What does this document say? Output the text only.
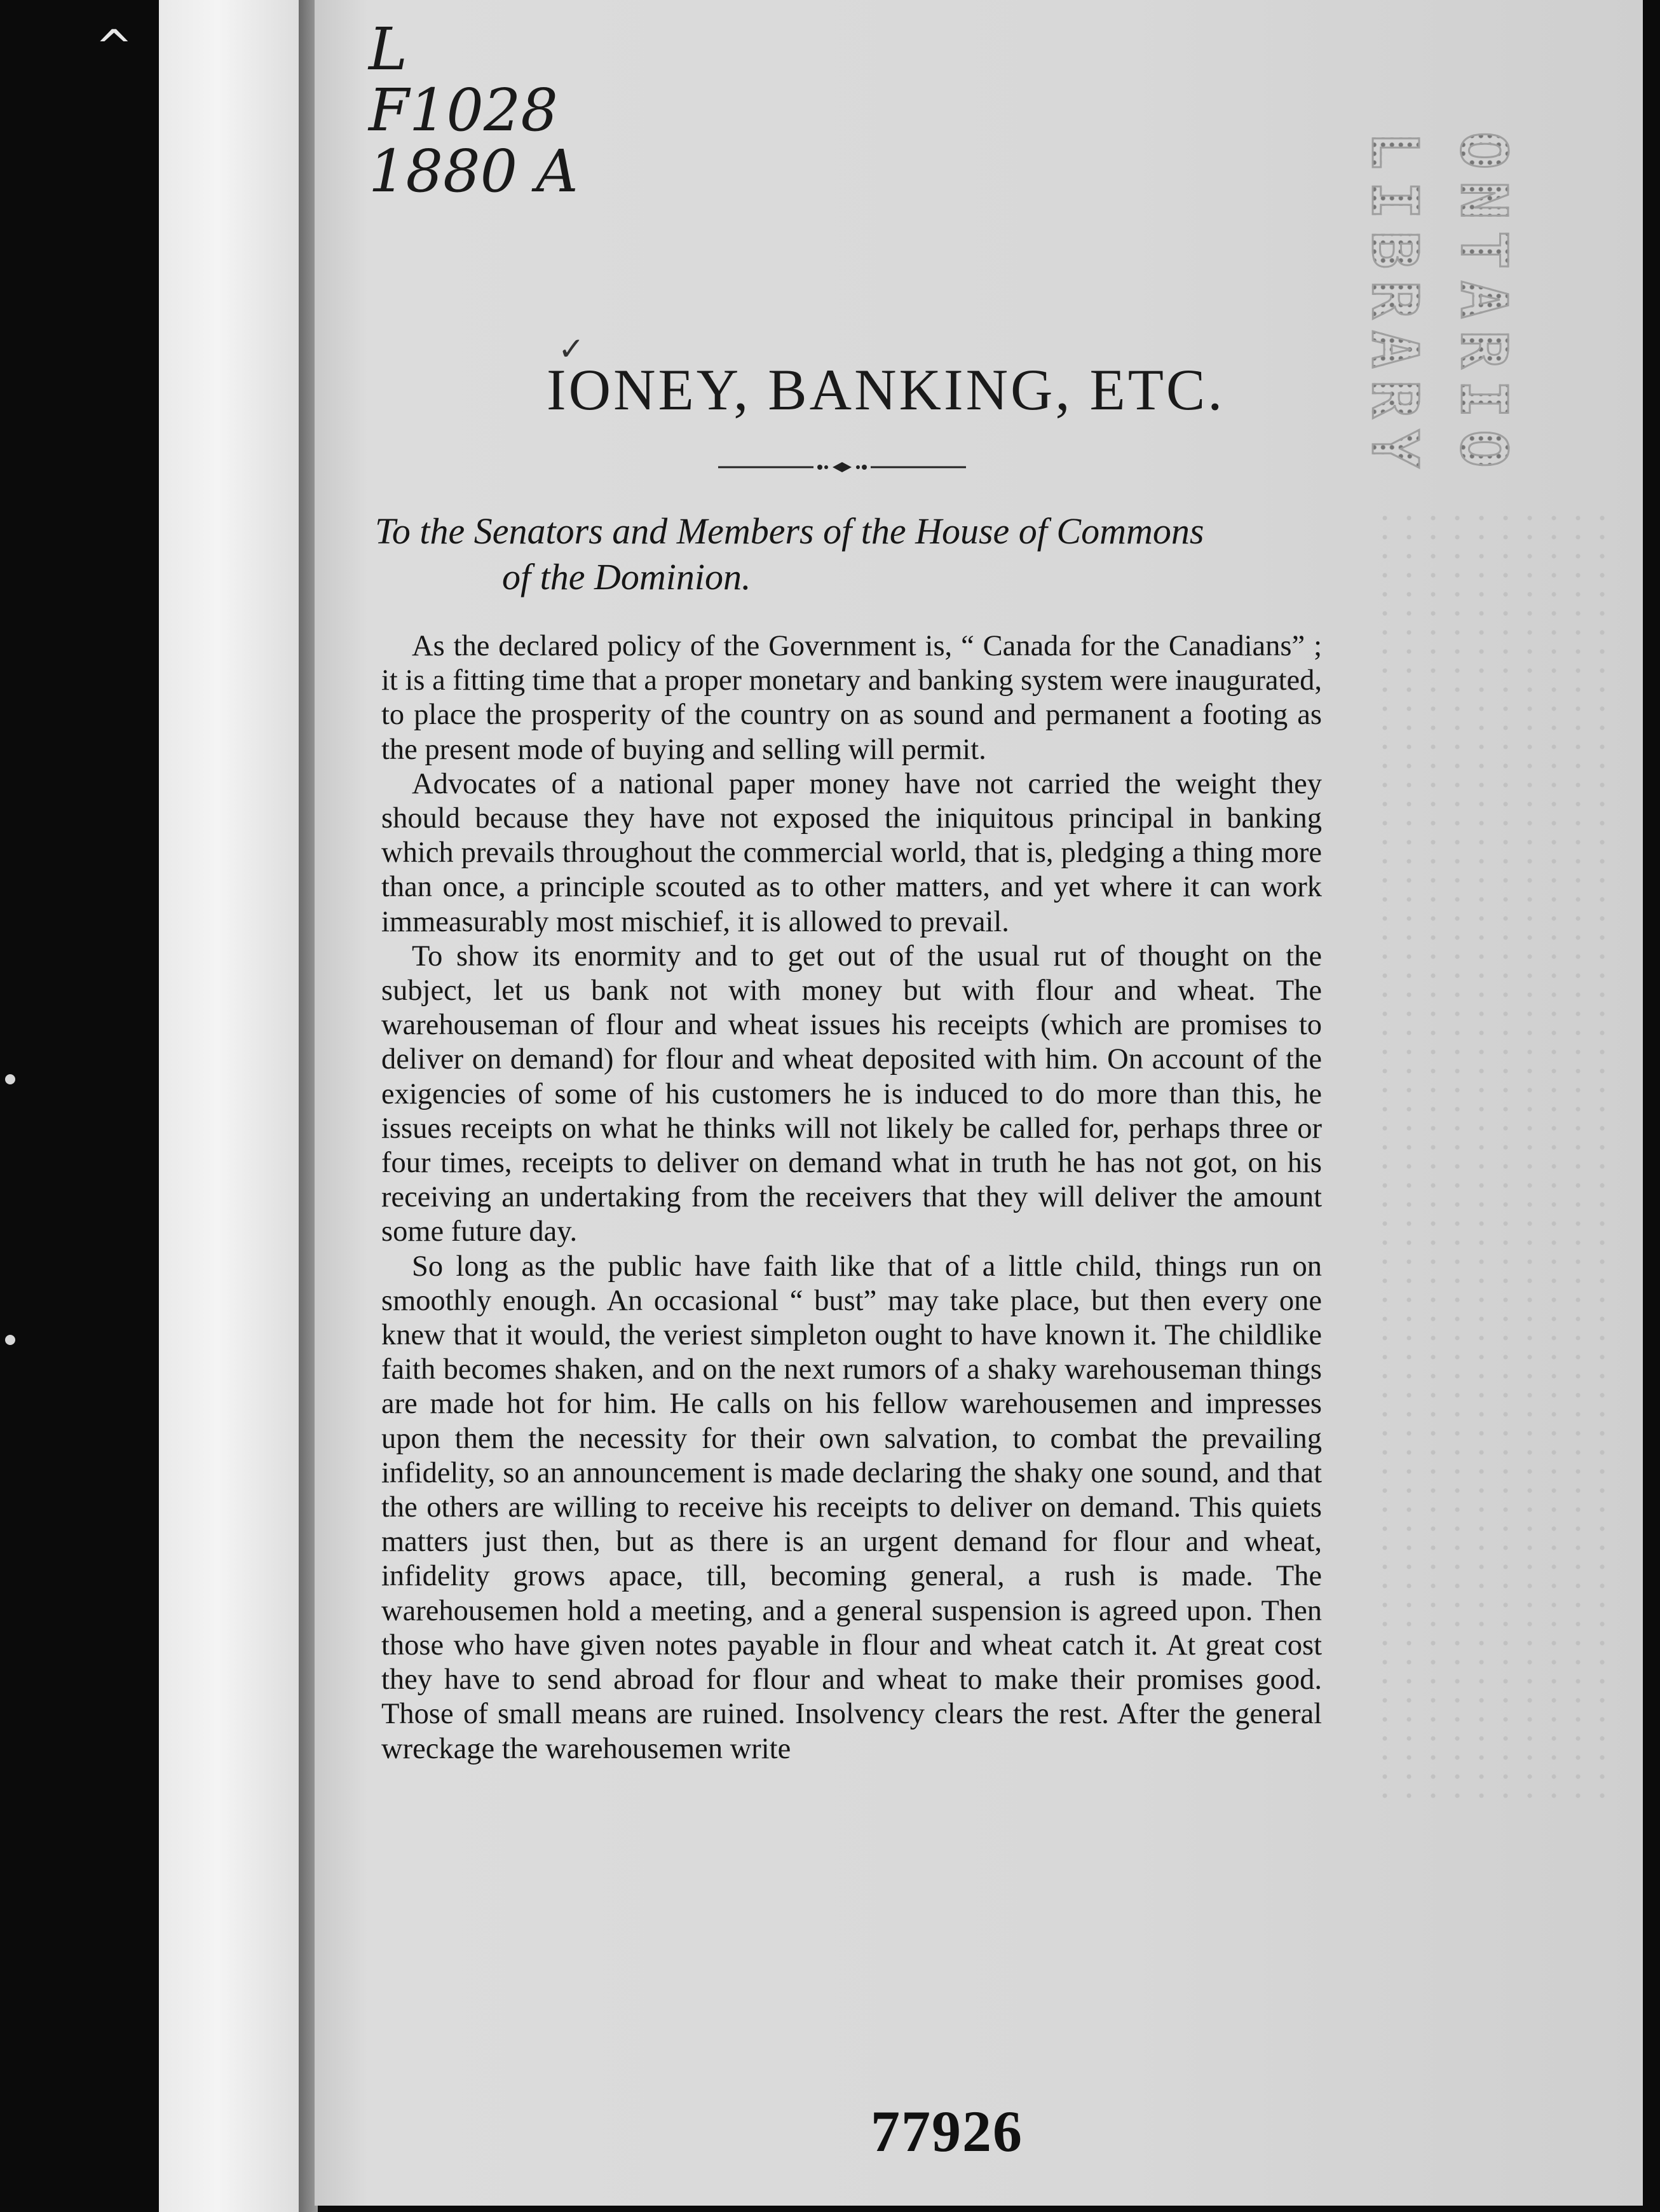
^	L
F1028
1880 A	LIBRARY ONTARIO
✓
IONEY, BANKING, ETC.
To the Senators and Members of the House of Commons
of the Dominion.

As the declared policy of the Government is, “ Canada for the Canadians” ; it is a fitting time that a proper monetary and banking system were inaugurated, to place the prosperity of the country on as sound and permanent a footing as the present mode of buying and selling will permit.

Advocates of a national paper money have not carried the weight they should because they have not exposed the iniquitous principal in banking which prevails throughout the commercial world, that is, pledging a thing more than once, a principle scouted as to other matters, and yet where it can work immeasurably most mischief, it is allowed to prevail.

To show its enormity and to get out of the usual rut of thought on the subject, let us bank not with money but with flour and wheat. The warehouseman of flour and wheat issues his receipts (which are promises to deliver on demand) for flour and wheat deposited with him. On account of the exigencies of some of his customers he is induced to do more than this, he issues receipts on what he thinks will not likely be called for, perhaps three or four times, receipts to deliver on demand what in truth he has not got, on his receiving an undertaking from the receivers that they will deliver the amount some future day.

So long as the public have faith like that of a little child, things run on smoothly enough. An occasional “ bust” may take place, but then every one knew that it would, the veriest simpleton ought to have known it. The childlike faith becomes shaken, and on the next rumors of a shaky warehouseman things are made hot for him. He calls on his fellow warehousemen and impresses upon them the necessity for their own salvation, to combat the prevailing infidelity, so an announcement is made declaring the shaky one sound, and that the others are willing to receive his receipts to deliver on demand. This quiets matters just then, but as there is an urgent demand for flour and wheat, infidelity grows apace, till, becoming general, a rush is made. The warehousemen hold a meeting, and a general suspension is agreed upon. Then those who have given notes payable in flour and wheat catch it. At great cost they have to send abroad for flour and wheat to make their promises good. Those of small means are ruined. Insolvency clears the rest. After the general wreckage the warehousemen write

77926
